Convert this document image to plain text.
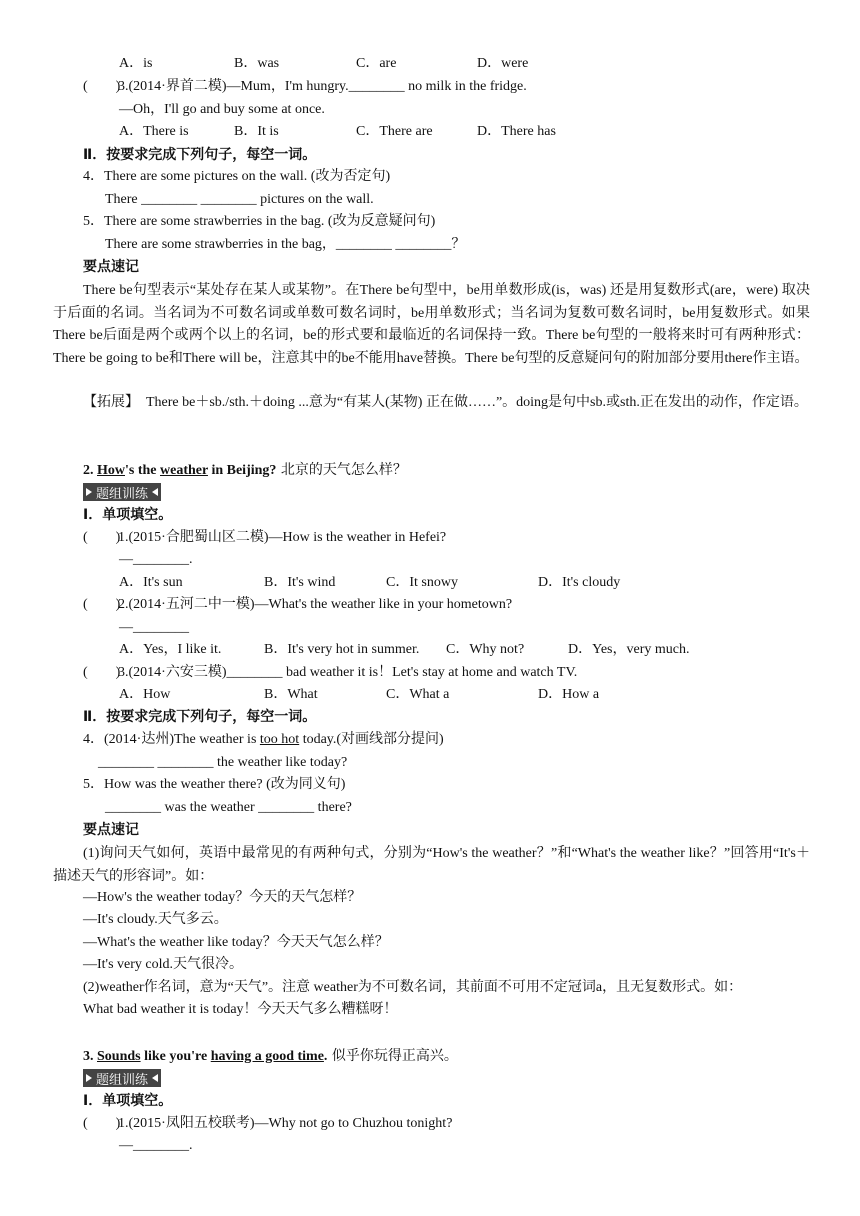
A．is	B．was	C．are	D．were
(　　)
3.(2014·界首二模)—Mum，I'm hungry.________ no milk in the fridge.
—Oh，I'll go and buy some at once.
A．There is	B．It is	C．There are	D．There has
Ⅱ．按要求完成下列句子，每空一词。
4．There are some pictures on the wall. (改为否定句)
There ________ ________ pictures on the wall.
5．There are some strawberries in the bag. (改为反意疑问句)
There are some strawberries in the bag，________ ________？
要点速记
There be句型表示“某处存在某人或某物”。在There be句型中，be用单数形成(is，was) 还是用复数形式(are，were) 取决于后面的名词。当名词为不可数名词或单数可数名词时，be用单数形式；当名词为复数可数名词时，be用复数形式。如果There be后面是两个或两个以上的名词，be的形式要和最临近的名词保持一致。There be句型的一般将来时可有两种形式：There be going to be和There will be，注意其中的be不能用have替换。There be句型的反意疑问句的附加部分要用there作主语。
【拓展】　There be＋sb./sth.＋doing ...意为“有某人(某物) 正在做……”。doing是句中sb.或sth.正在发出的动作，作定语。
2. How's the weather in Beijing? 北京的天气怎么样？
题组训练
Ⅰ．单项填空。
(　　)
1.(2015·合肥蜀山区二模)—How is the weather in Hefei?
—________.
A．It's sun	B．It's wind	C．It snowy	D．It's cloudy
(　　)
2.(2014·五河二中一模)—What's the weather like in your hometown?
—________
A．Yes，I like it.	B．It's very hot in summer. C．Why not?	D．Yes，very much.
(　　)
3.(2014·六安三模)________ bad weather it is！Let's stay at home and watch TV.
A．How	B．What	C．What a	D．How a
Ⅱ．按要求完成下列句子，每空一词。
4．(2014·达州)The weather is too hot today.(对画线部分提问)
________ ________ the weather like today?
5．How was the weather there? (改为同义句)
________ was the weather ________ there?
要点速记
(1)询问天气如何，英语中最常见的有两种句式，分别为“How's the weather？”和“What's the weather like？”回答用“It's＋描述天气的形容词”。如：
—How's the weather today？今天的天气怎样？
—It's cloudy.天气多云。
—What's the weather like today？今天天气怎么样？
—It's very cold.天气很冷。
(2)weather作名词，意为“天气”。注意 weather为不可数名词，其前面不可用不定冠词a，且无复数形式。如：
What bad weather it is today！今天天气多么糟糕呀！
3. Sounds like you're having a good time. 似乎你玩得正高兴。
题组训练
Ⅰ．单项填空。
(　　)
1.(2015·凤阳五校联考)—Why not go to Chuzhou tonight?
—________.
